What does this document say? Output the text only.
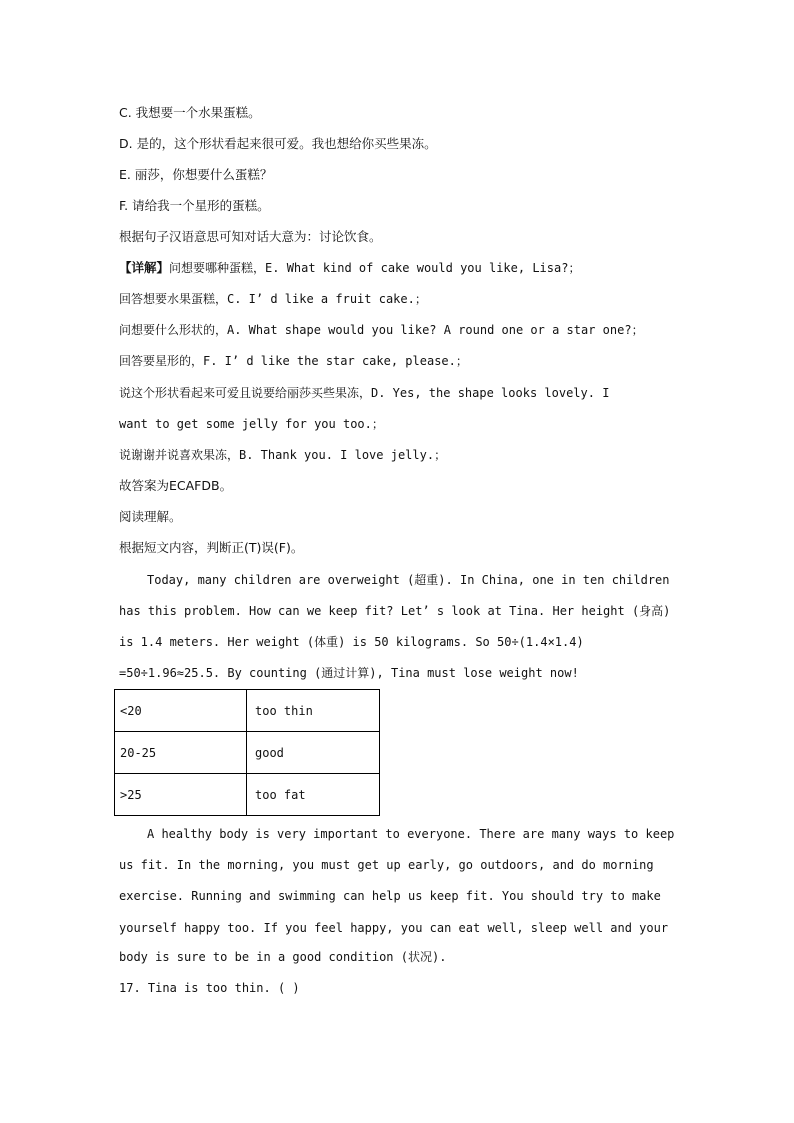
C. 我想要一个水果蛋糕。
D. 是的，这个形状看起来很可爱。我也想给你买些果冻。
E. 丽莎，你想要什么蛋糕？
F. 请给我一个星形的蛋糕。
根据句子汉语意思可知对话大意为：讨论饮食。
【详解】问想要哪种蛋糕，E. What kind of cake would you like, Lisa?；
回答想要水果蛋糕，C. I’ d like a fruit cake.；
问想要什么形状的，A. What shape would you like? A round one or a star one?；
回答要星形的，F. I’ d like the star cake, please.；
说这个形状看起来可爱且说要给丽莎买些果冻，D. Yes, the shape looks lovely. I
want to get some jelly for you too.；
说谢谢并说喜欢果冻，B. Thank you. I love jelly.；
故答案为ECAFDB。
阅读理解。
根据短文内容，判断正(T)误(F)。
Today, many children are overweight (超重). In China, one in ten children
has this problem. How can we keep fit? Let’ s look at Tina. Her height (身高)
is 1.4 meters. Her weight (体重) is 50 kilograms. So 50÷(1.4×1.4)
=50÷1.96≈25.5. By counting (通过计算), Tina must lose weight now!
<20	too thin
20-25	good
>25	too fat
A healthy body is very important to everyone. There are many ways to keep
us fit. In the morning, you must get up early, go outdoors, and do morning
exercise. Running and swimming can help us keep fit. You should try to make
yourself happy too. If you feel happy, you can eat well, sleep well and your
body is sure to be in a good condition (状况).
17. Tina is too thin. ( )
